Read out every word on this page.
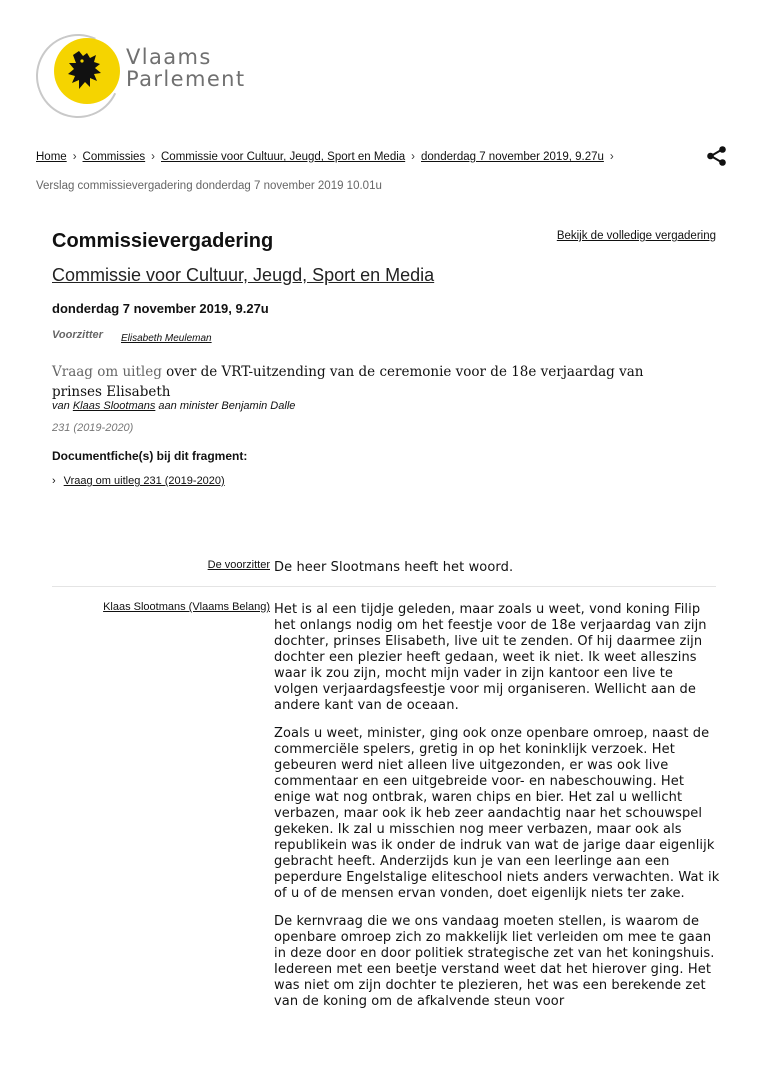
Vlaams
Parlement
Home › Commissies › Commissie voor Cultuur, Jeugd, Sport en Media › donderdag 7 november 2019, 9.27u ›
Verslag commissievergadering donderdag 7 november 2019 10.01u
Commissievergadering	Bekijk de volledige vergadering
Commissie voor Cultuur, Jeugd, Sport en Media
donderdag 7 november 2019, 9.27u
Voorzitter Elisabeth Meuleman
Vraag om uitleg over de VRT-uitzending van de ceremonie voor de 18e verjaardag van prinses Elisabeth
van Klaas Slootmans aan minister Benjamin Dalle
231 (2019-2020)
Documentfiche(s) bij dit fragment:
› Vraag om uitleg 231 (2019-2020)
De voorzitter De heer Slootmans heeft het woord.

Klaas Slootmans (Vlaams Belang) Het is al een tijdje geleden, maar zoals u weet, vond koning Filip het onlangs nodig om het feestje voor de 18e verjaardag van zijn dochter, prinses Elisabeth, live uit te zenden. Of hij daarmee zijn dochter een plezier heeft gedaan, weet ik niet. Ik weet alleszins waar ik zou zijn, mocht mijn vader in zijn kantoor een live te volgen verjaardagsfeestje voor mij organiseren. Wellicht aan de andere kant van de oceaan.

Zoals u weet, minister, ging ook onze openbare omroep, naast de commerciële spelers, gretig in op het koninklijk verzoek. Het gebeuren werd niet alleen live uitgezonden, er was ook live commentaar en een uitgebreide voor- en nabeschouwing. Het enige wat nog ontbrak, waren chips en bier. Het zal u wellicht verbazen, maar ook ik heb zeer aandachtig naar het schouwspel gekeken. Ik zal u misschien nog meer verbazen, maar ook als republikein was ik onder de indruk van wat de jarige daar eigenlijk gebracht heeft. Anderzijds kun je van een leerlinge aan een peperdure Engelstalige eliteschool niets anders verwachten. Wat ik of u of de mensen ervan vonden, doet eigenlijk niets ter zake.

De kernvraag die we ons vandaag moeten stellen, is waarom de openbare omroep zich zo makkelijk liet verleiden om mee te gaan in deze door en door politiek strategische zet van het koningshuis. Iedereen met een beetje verstand weet dat het hierover ging. Het was niet om zijn dochter te plezieren, het was een berekende zet van de koning om de afkalvende steun voor
